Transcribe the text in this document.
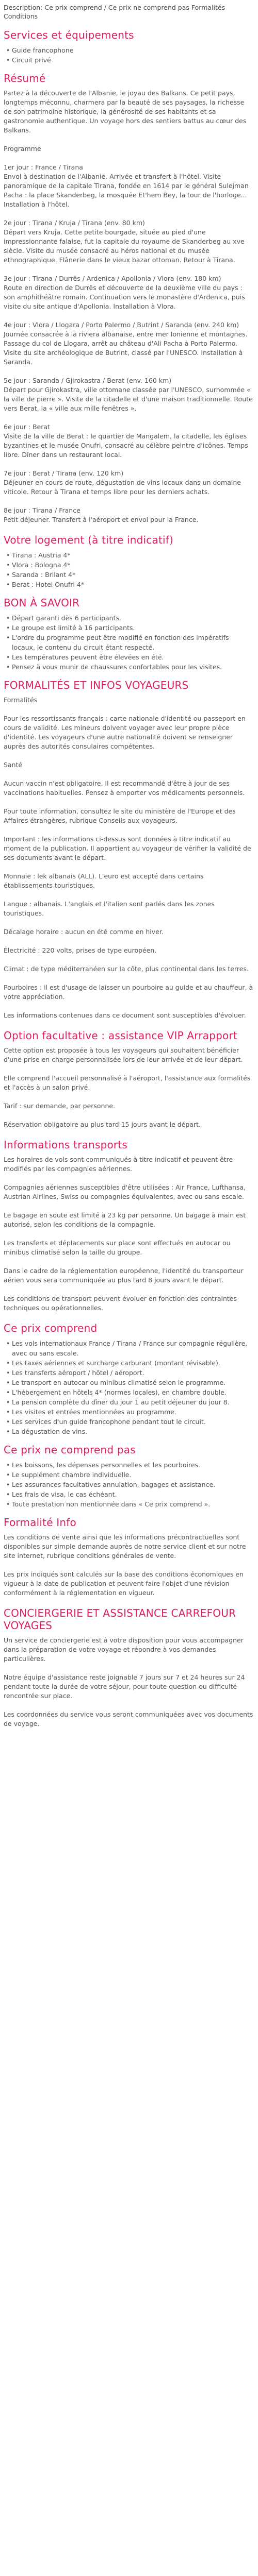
Description: Ce prix comprend / Ce prix ne comprend pas Formalités Conditions

Services et équipements
• Guide francophone
• Circuit privé
Résumé

Partez à la découverte de l'Albanie, le joyau des Balkans. Ce petit pays, longtemps méconnu, charmera par la beauté de ses paysages, la richesse de son patrimoine historique, la générosité de ses habitants et sa gastronomie authentique. Un voyage hors des sentiers battus au cœur des Balkans.

Programme

1er jour : France / Tirana
Envol à destination de l'Albanie. Arrivée et transfert à l'hôtel. Visite panoramique de la capitale Tirana, fondée en 1614 par le général Sulejman Pacha : la place Skanderbeg, la mosquée Et'hem Bey, la tour de l'horloge... Installation à l'hôtel.

2e jour : Tirana / Kruja / Tirana (env. 80 km)
Départ vers Kruja. Cette petite bourgade, située au pied d'une impressionnante falaise, fut la capitale du royaume de Skanderbeg au xve siècle. Visite du musée consacré au héros national et du musée ethnographique. Flânerie dans le vieux bazar ottoman. Retour à Tirana.

3e jour : Tirana / Durrës / Ardenica / Apollonia / Vlora (env. 180 km)
Route en direction de Durrës et découverte de la deuxième ville du pays : son amphithéâtre romain. Continuation vers le monastère d'Ardenica, puis visite du site antique d'Apollonia. Installation à Vlora.

4e jour : Vlora / Llogara / Porto Palermo / Butrint / Saranda (env. 240 km)
Journée consacrée à la riviera albanaise, entre mer Ionienne et montagnes. Passage du col de Llogara, arrêt au château d'Ali Pacha à Porto Palermo. Visite du site archéologique de Butrint, classé par l'UNESCO. Installation à Saranda.

5e jour : Saranda / Gjirokastra / Berat (env. 160 km)
Départ pour Gjirokastra, ville ottomane classée par l'UNESCO, surnommée « la ville de pierre ». Visite de la citadelle et d'une maison traditionnelle. Route vers Berat, la « ville aux mille fenêtres ».

6e jour : Berat
Visite de la ville de Berat : le quartier de Mangalem, la citadelle, les églises byzantines et le musée Onufri, consacré au célèbre peintre d'icônes. Temps libre. Dîner dans un restaurant local.

7e jour : Berat / Tirana (env. 120 km)
Déjeuner en cours de route, dégustation de vins locaux dans un domaine viticole. Retour à Tirana et temps libre pour les derniers achats.

8e jour : Tirana / France
Petit déjeuner. Transfert à l'aéroport et envol pour la France.

Votre logement (à titre indicatif)
• Tirana : Austria 4*
• Vlora : Bologna 4*
• Saranda : Brilant 4*
• Berat : Hotel Onufri 4*
BON À SAVOIR
• Départ garanti dès 6 participants.
• Le groupe est limité à 16 participants.
• L'ordre du programme peut être modifié en fonction des impératifs locaux, le contenu du circuit étant respecté.
• Les températures peuvent être élevées en été.
• Pensez à vous munir de chaussures confortables pour les visites.
FORMALITÉS ET INFOS VOYAGEURS

Formalités

Pour les ressortissants français : carte nationale d'identité ou passeport en cours de validité. Les mineurs doivent voyager avec leur propre pièce d'identité. Les voyageurs d'une autre nationalité doivent se renseigner auprès des autorités consulaires compétentes.

Santé

Aucun vaccin n'est obligatoire. Il est recommandé d'être à jour de ses vaccinations habituelles. Pensez à emporter vos médicaments personnels.

Pour toute information, consultez le site du ministère de l'Europe et des Affaires étrangères, rubrique Conseils aux voyageurs.

Important : les informations ci-dessus sont données à titre indicatif au moment de la publication. Il appartient au voyageur de vérifier la validité de ses documents avant le départ.

Monnaie : lek albanais (ALL). L'euro est accepté dans certains établissements touristiques.

Langue : albanais. L'anglais et l'italien sont parlés dans les zones touristiques.

Décalage horaire : aucun en été comme en hiver.

Électricité : 220 volts, prises de type européen.

Climat : de type méditerranéen sur la côte, plus continental dans les terres.

Pourboires : il est d'usage de laisser un pourboire au guide et au chauffeur, à votre appréciation.

Les informations contenues dans ce document sont susceptibles d'évoluer.

Option facultative : assistance VIP Arrapport

Cette option est proposée à tous les voyageurs qui souhaitent bénéficier d'une prise en charge personnalisée lors de leur arrivée et de leur départ.

Elle comprend l'accueil personnalisé à l'aéroport, l'assistance aux formalités et l'accès à un salon privé.

Tarif : sur demande, par personne.

Réservation obligatoire au plus tard 15 jours avant le départ.

Informations transports

Les horaires de vols sont communiqués à titre indicatif et peuvent être modifiés par les compagnies aériennes.

Compagnies aériennes susceptibles d'être utilisées : Air France, Lufthansa, Austrian Airlines, Swiss ou compagnies équivalentes, avec ou sans escale.

Le bagage en soute est limité à 23 kg par personne. Un bagage à main est autorisé, selon les conditions de la compagnie.

Les transferts et déplacements sur place sont effectués en autocar ou minibus climatisé selon la taille du groupe.

Dans le cadre de la réglementation européenne, l'identité du transporteur aérien vous sera communiquée au plus tard 8 jours avant le départ.

Les conditions de transport peuvent évoluer en fonction des contraintes techniques ou opérationnelles.

Ce prix comprend
• Les vols internationaux France / Tirana / France sur compagnie régulière, avec ou sans escale.
• Les taxes aériennes et surcharge carburant (montant révisable).
• Les transferts aéroport / hôtel / aéroport.
• Le transport en autocar ou minibus climatisé selon le programme.
• L'hébergement en hôtels 4* (normes locales), en chambre double.
• La pension complète du dîner du jour 1 au petit déjeuner du jour 8.
• Les visites et entrées mentionnées au programme.
• Les services d'un guide francophone pendant tout le circuit.
• La dégustation de vins.
Ce prix ne comprend pas
• Les boissons, les dépenses personnelles et les pourboires.
• Le supplément chambre individuelle.
• Les assurances facultatives annulation, bagages et assistance.
• Les frais de visa, le cas échéant.
• Toute prestation non mentionnée dans « Ce prix comprend ».
Formalité Info

Les conditions de vente ainsi que les informations précontractuelles sont disponibles sur simple demande auprès de notre service client et sur notre site internet, rubrique conditions générales de vente.

Les prix indiqués sont calculés sur la base des conditions économiques en vigueur à la date de publication et peuvent faire l'objet d'une révision conformément à la réglementation en vigueur.

CONCIERGERIE ET ASSISTANCE CARREFOUR VOYAGES

Un service de conciergerie est à votre disposition pour vous accompagner dans la préparation de votre voyage et répondre à vos demandes particulières.

Notre équipe d'assistance reste joignable 7 jours sur 7 et 24 heures sur 24 pendant toute la durée de votre séjour, pour toute question ou difficulté rencontrée sur place.

Les coordonnées du service vous seront communiquées avec vos documents de voyage.
